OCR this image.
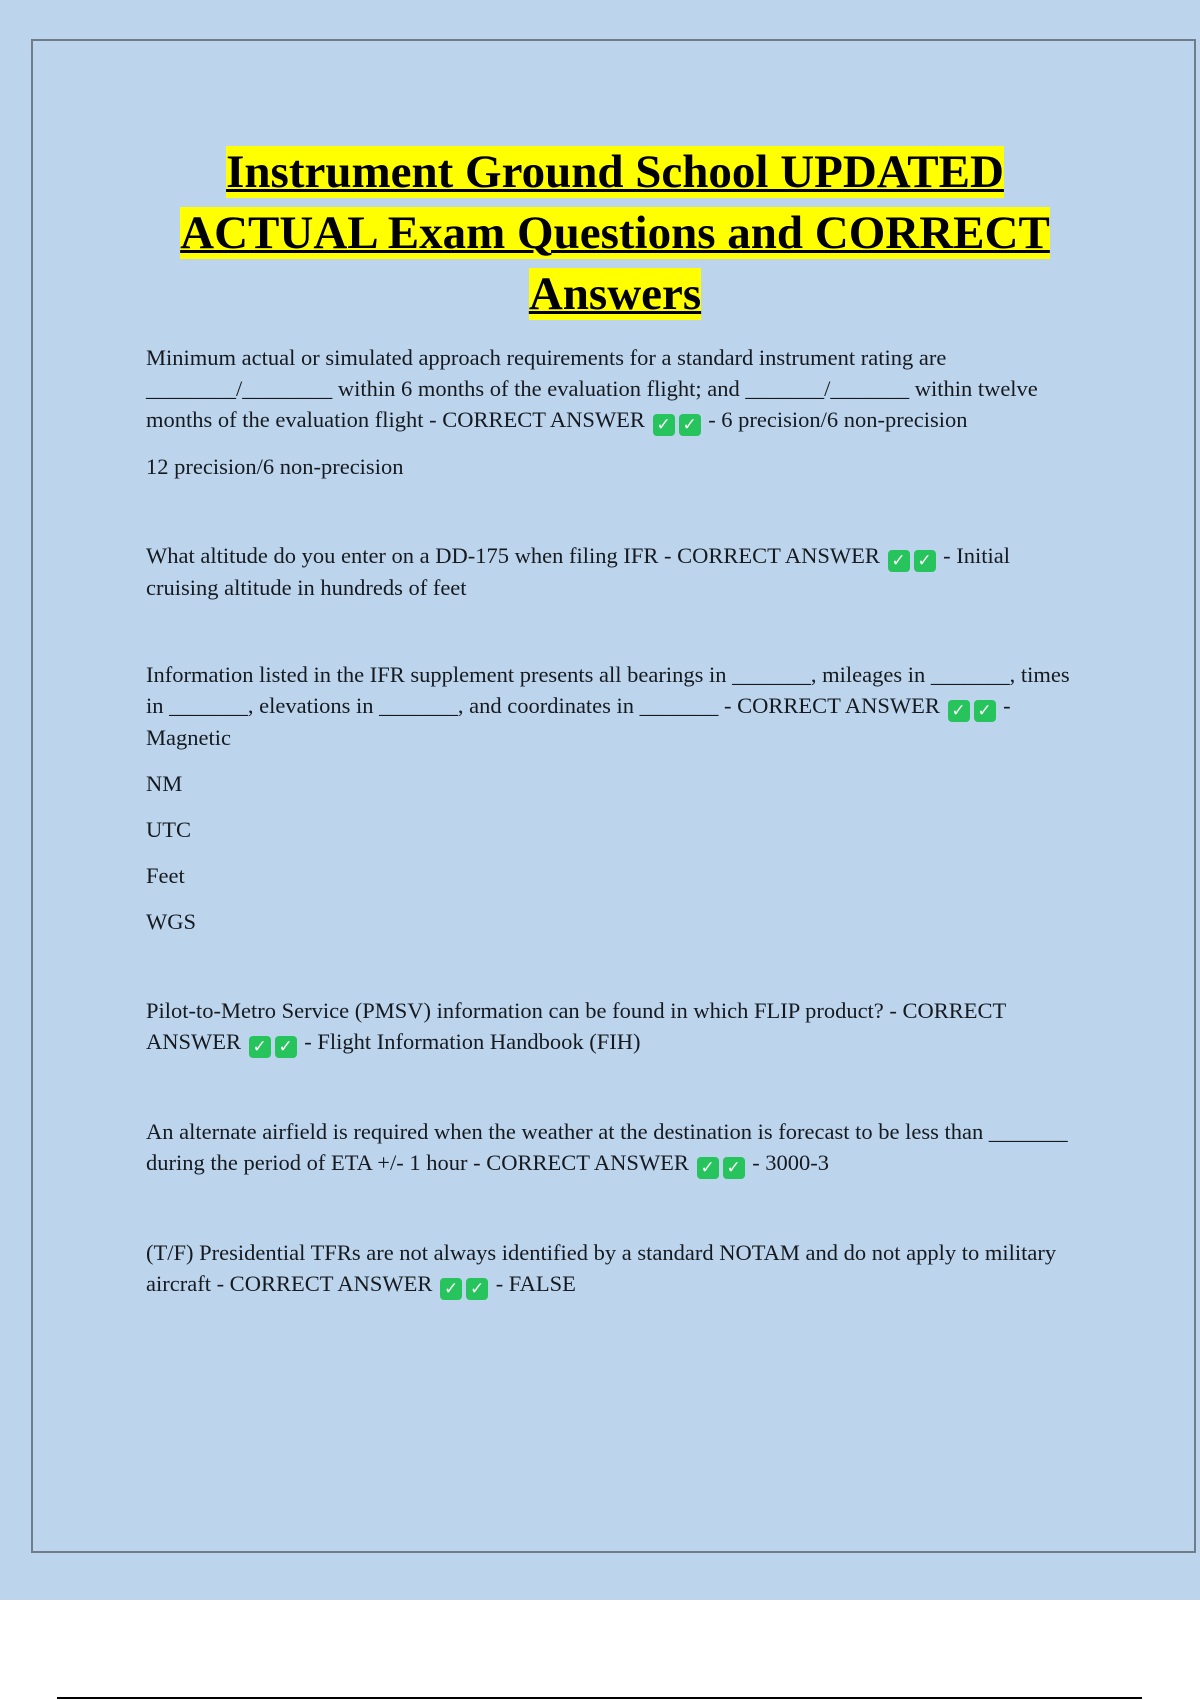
Instrument Ground School UPDATED
ACTUAL Exam Questions and CORRECT
Answers

Minimum actual or simulated approach requirements for a standard instrument rating are ________/________ within 6 months of the evaluation flight; and _______/_______ within twelve months of the evaluation flight - CORRECT ANSWER ✓ ✓ - 6 precision/6 non-precision

12 precision/6 non-precision

What altitude do you enter on a DD-175 when filing IFR - CORRECT ANSWER ✓ ✓ - Initial cruising altitude in hundreds of feet

Information listed in the IFR supplement presents all bearings in _______, mileages in _______, times in _______, elevations in _______, and coordinates in _______ - CORRECT ANSWER ✓ ✓ - Magnetic

NM

UTC

Feet

WGS

Pilot-to-Metro Service (PMSV) information can be found in which FLIP product? - CORRECT ANSWER ✓ ✓ - Flight Information Handbook (FIH)

An alternate airfield is required when the weather at the destination is forecast to be less than _______ during the period of ETA +/- 1 hour - CORRECT ANSWER ✓ ✓ - 3000-3

(T/F) Presidential TFRs are not always identified by a standard NOTAM and do not apply to military aircraft - CORRECT ANSWER ✓ ✓ - FALSE
